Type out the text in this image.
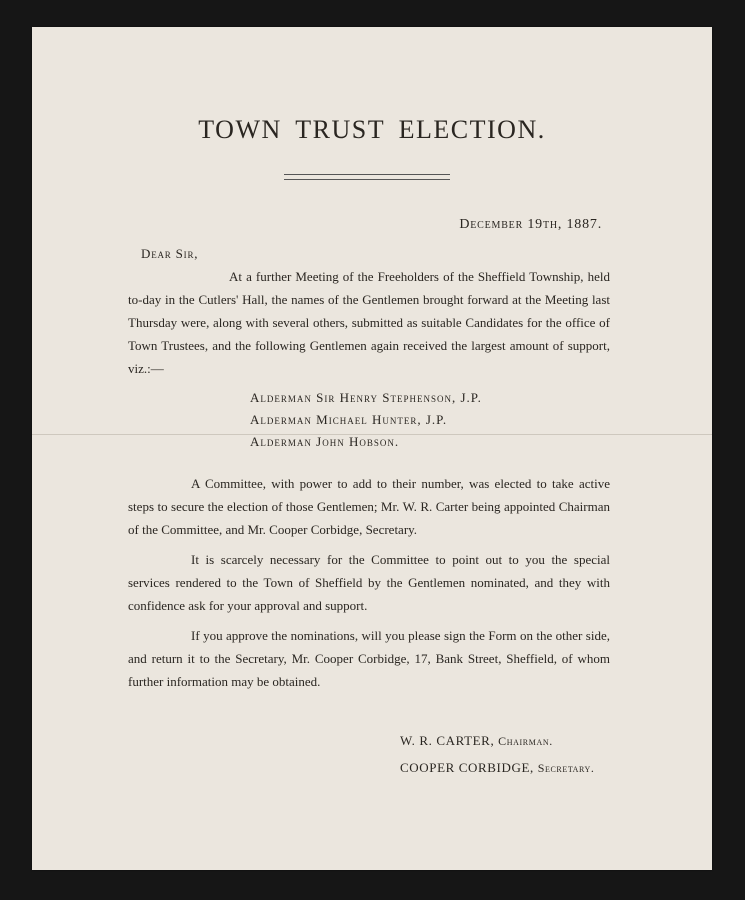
TOWN TRUST ELECTION.
December 19th, 1887.
Dear Sir,

At a further Meeting of the Freeholders of the Sheffield Township, held to-day in the Cutlers' Hall, the names of the Gentlemen brought forward at the Meeting last Thursday were, along with several others, submitted as suitable Candidates for the office of Town Trustees, and the following Gentlemen again received the largest amount of support, viz.:—

Alderman Sir Henry Stephenson, J.P.
Alderman Michael Hunter, J.P.
Alderman John Hobson.

A Committee, with power to add to their number, was elected to take active steps to secure the election of those Gentlemen; Mr. W. R. Carter being appointed Chairman of the Committee, and Mr. Cooper Corbidge, Secretary.

It is scarcely necessary for the Committee to point out to you the special services rendered to the Town of Sheffield by the Gentlemen nominated, and they with confidence ask for your approval and support.

If you approve the nominations, will you please sign the Form on the other side, and return it to the Secretary, Mr. Cooper Corbidge, 17, Bank Street, Sheffield, of whom further information may be obtained.

W. R. CARTER, Chairman.
COOPER CORBIDGE, Secretary.
